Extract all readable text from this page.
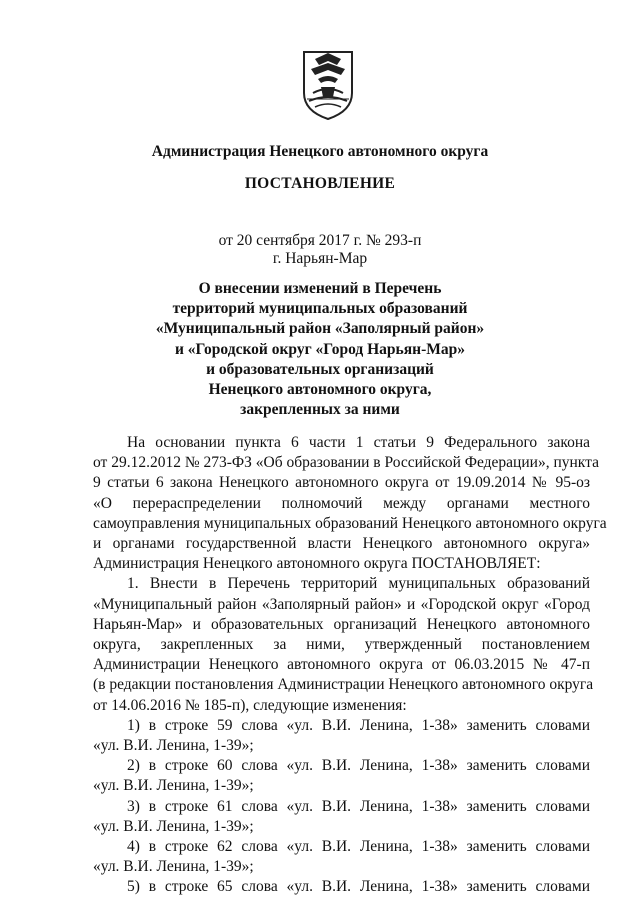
Администрация Ненецкого автономного округа
ПОСТАНОВЛЕНИЕ
от 20 сентября 2017 г. № 293-п
г. Нарьян-Мар
О внесении изменений в Перечень
территорий муниципальных образований
«Муниципальный район «Заполярный район»
и «Городской округ «Город Нарьян-Мар»
и образовательных организаций
Ненецкого автономного округа,
закрепленных за ними
На основании пункта 6 части 1 статьи 9 Федерального закона
от 29.12.2012 № 273-ФЗ «Об образовании в Российской Федерации», пункта
9 статьи 6 закона Ненецкого автономного округа от 19.09.2014 № 95-оз
«О перераспределении полномочий между органами местного
самоуправления муниципальных образований Ненецкого автономного округа
и органами государственной власти Ненецкого автономного округа»
Администрация Ненецкого автономного округа ПОСТАНОВЛЯЕТ:
1. Внести в Перечень территорий муниципальных образований
«Муниципальный район «Заполярный район» и «Городской округ «Город
Нарьян-Мар» и образовательных организаций Ненецкого автономного
округа, закрепленных за ними, утвержденный постановлением
Администрации Ненецкого автономного округа от 06.03.2015 № 47-п
(в редакции постановления Администрации Ненецкого автономного округа
от 14.06.2016 № 185-п), следующие изменения:
1) в строке 59 слова «ул. В.И. Ленина, 1-38» заменить словами
«ул. В.И. Ленина, 1-39»;
2) в строке 60 слова «ул. В.И. Ленина, 1-38» заменить словами
«ул. В.И. Ленина, 1-39»;
3) в строке 61 слова «ул. В.И. Ленина, 1-38» заменить словами
«ул. В.И. Ленина, 1-39»;
4) в строке 62 слова «ул. В.И. Ленина, 1-38» заменить словами
«ул. В.И. Ленина, 1-39»;
5) в строке 65 слова «ул. В.И. Ленина, 1-38» заменить словами
